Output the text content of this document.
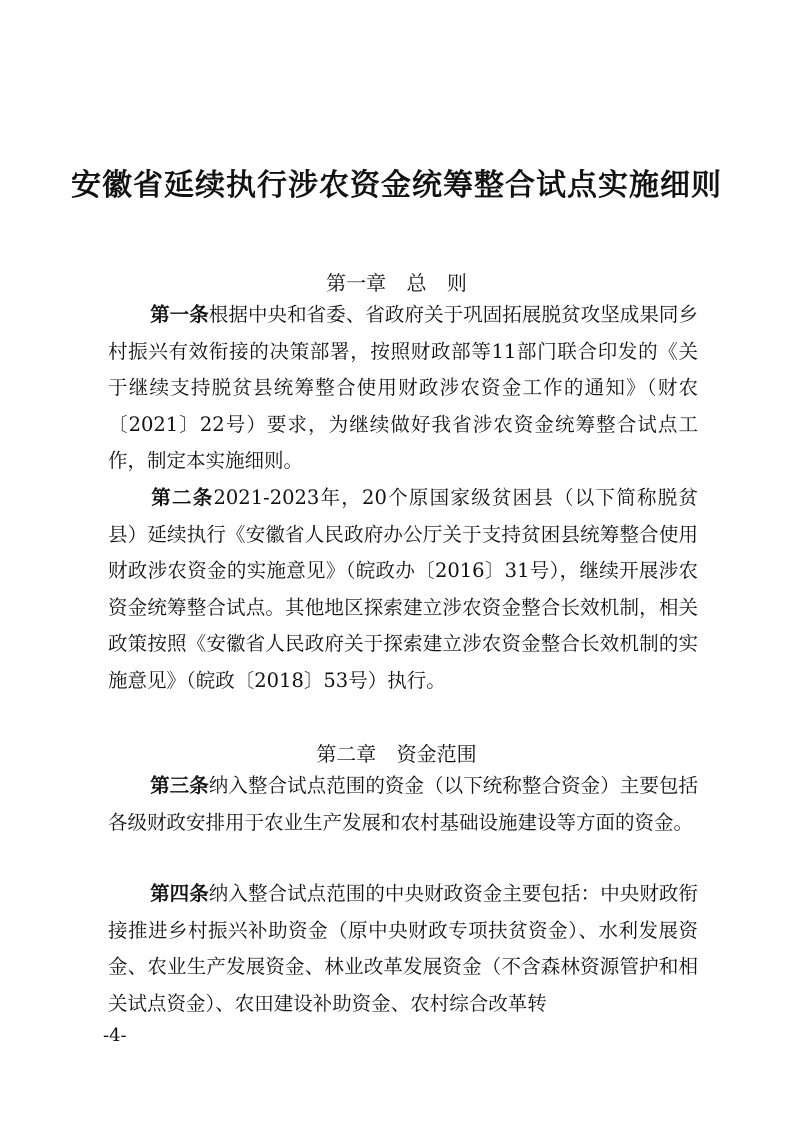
安徽省延续执行涉农资金统筹整合试点实施细则
第一章 总 则
第一条根据中央和省委、省政府关于巩固拓展脱贫攻坚成果同乡村振兴有效衔接的决策部署，按照财政部等11部门联合印发的《关于继续支持脱贫县统筹整合使用财政涉农资金工作的通知》（财农〔2021〕22号）要求，为继续做好我省涉农资金统筹整合试点工作，制定本实施细则。
第二条2021-2023年，20个原国家级贫困县（以下简称脱贫县）延续执行《安徽省人民政府办公厅关于支持贫困县统筹整合使用财政涉农资金的实施意见》（皖政办〔2016〕31号），继续开展涉农资金统筹整合试点。其他地区探索建立涉农资金整合长效机制，相关政策按照《安徽省人民政府关于探索建立涉农资金整合长效机制的实施意见》（皖政〔2018〕53号）执行。
第二章 资金范围
第三条纳入整合试点范围的资金（以下统称整合资金）主要包括各级财政安排用于农业生产发展和农村基础设施建设等方面的资金。
第四条纳入整合试点范围的中央财政资金主要包括：中央财政衔接推进乡村振兴补助资金（原中央财政专项扶贫资金）、水利发展资金、农业生产发展资金、林业改革发展资金（不含森林资源管护和相关试点资金）、农田建设补助资金、农村综合改革转
-4-
